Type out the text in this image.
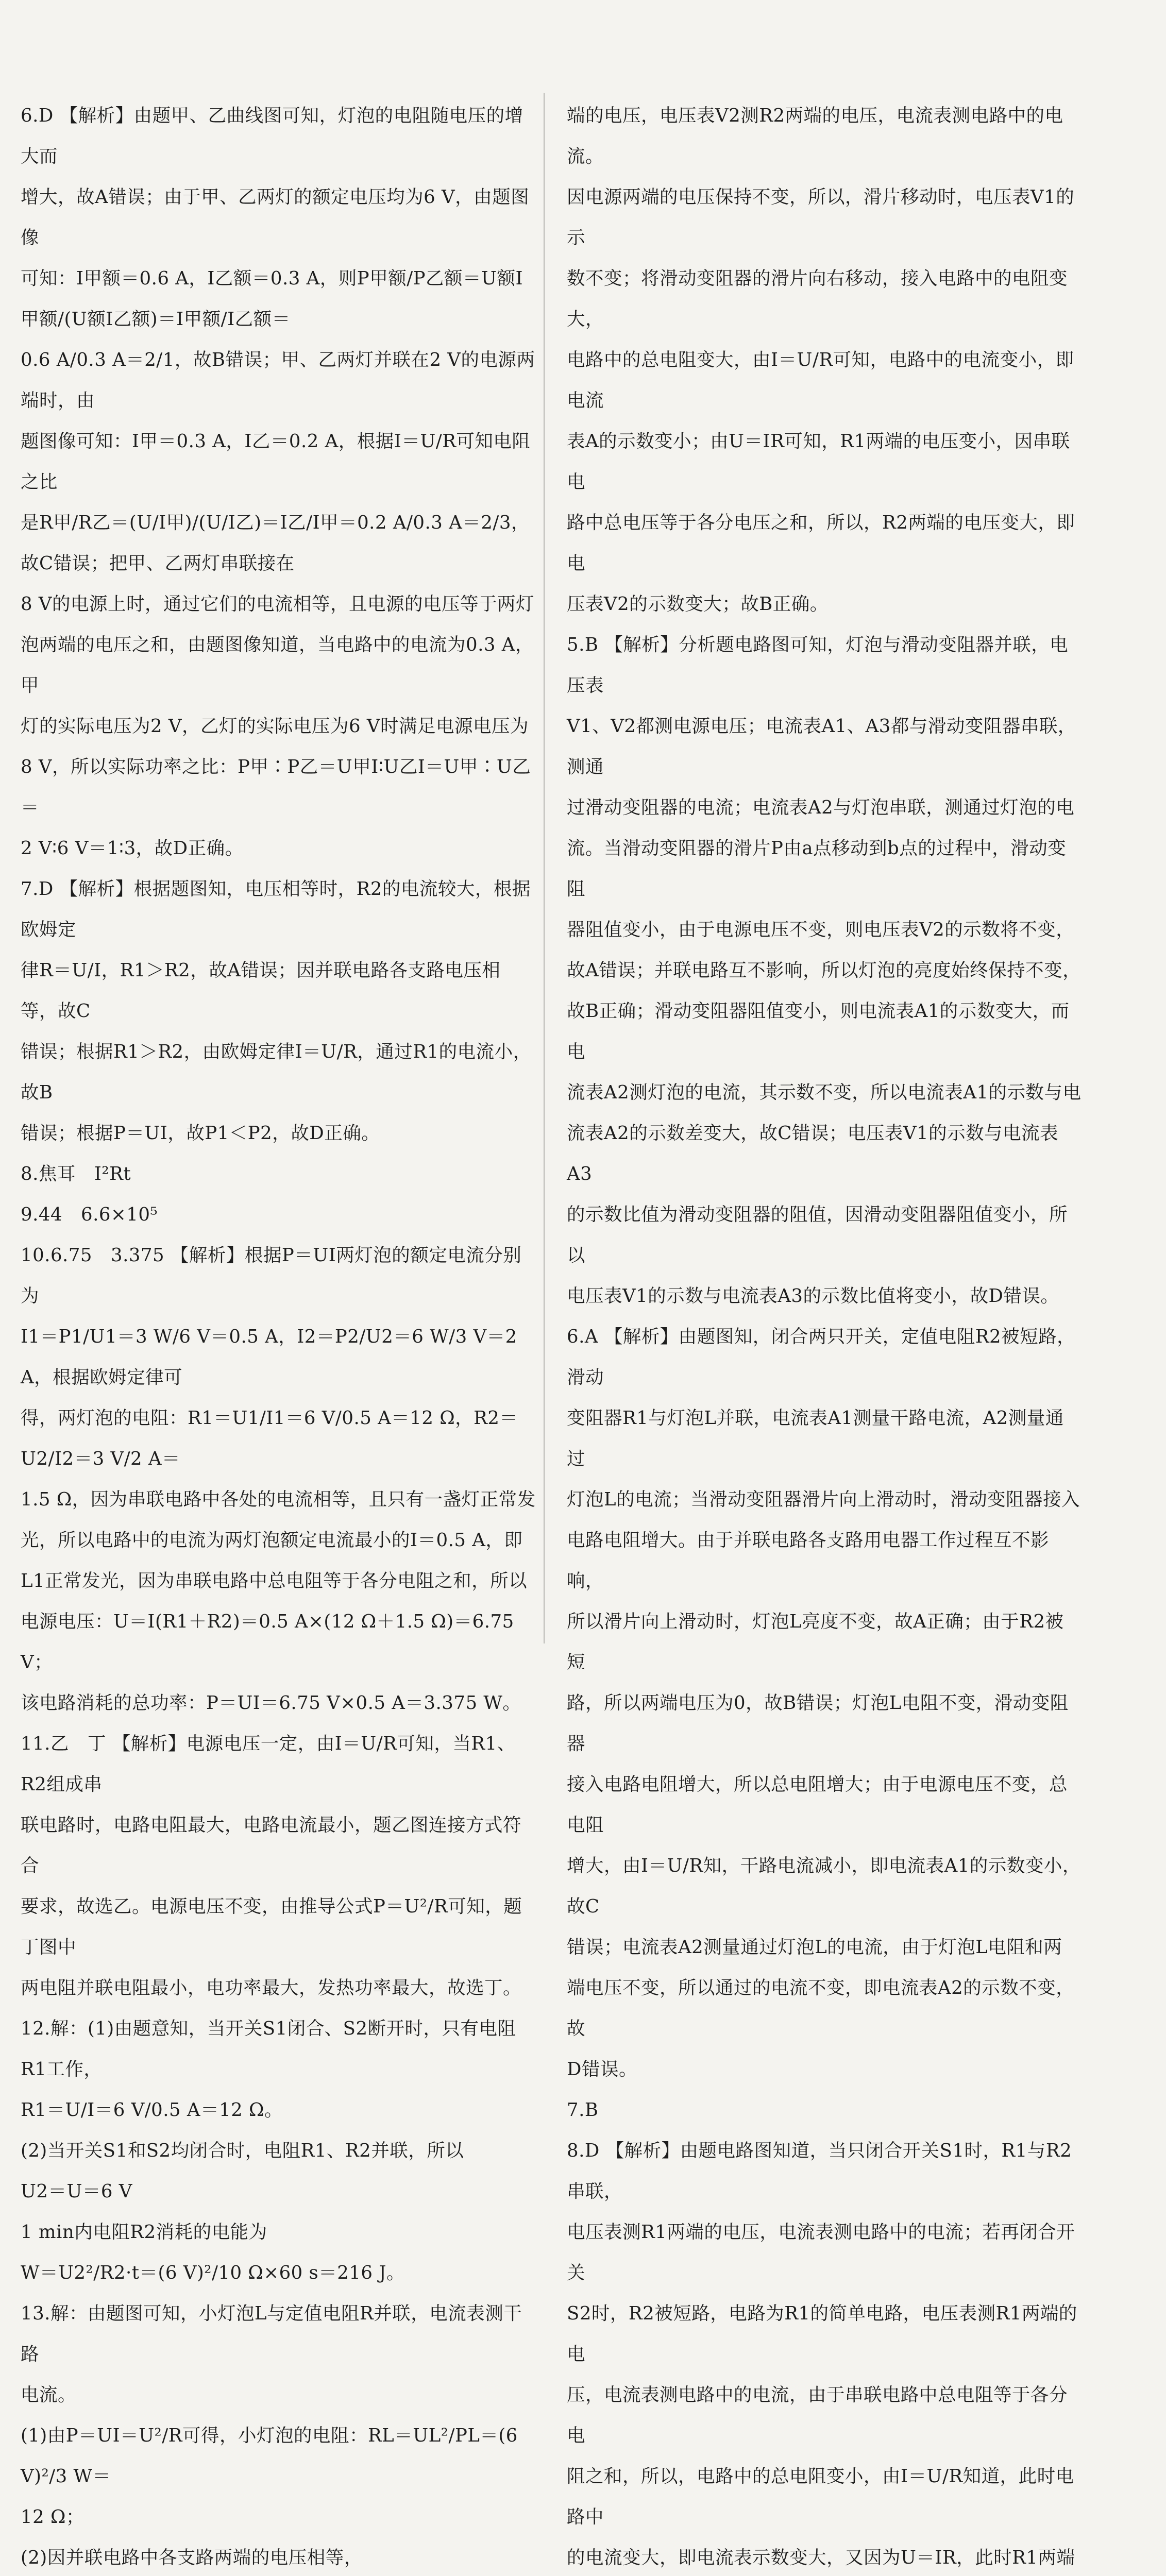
6.D 【解析】由题甲、乙曲线图可知，灯泡的电阻随电压的增大而

增大，故A错误；由于甲、乙两灯的额定电压均为6 V，由题图像

可知：I甲额＝0.6 A，I乙额＝0.3 A，则P甲额/P乙额＝U额I甲额/(U额I乙额)＝I甲额/I乙额＝

0.6 A/0.3 A＝2/1，故B错误；甲、乙两灯并联在2 V的电源两端时，由

题图像可知：I甲＝0.3 A，I乙＝0.2 A，根据I＝U/R可知电阻之比

是R甲/R乙＝(U/I甲)/(U/I乙)＝I乙/I甲＝0.2 A/0.3 A＝2/3，故C错误；把甲、乙两灯串联接在

8 V的电源上时，通过它们的电流相等，且电源的电压等于两灯

泡两端的电压之和，由题图像知道，当电路中的电流为0.3 A，甲

灯的实际电压为2 V，乙灯的实际电压为6 V时满足电源电压为

8 V，所以实际功率之比：P甲∶P乙＝U甲I∶U乙I＝U甲∶U乙＝

2 V∶6 V＝1∶3，故D正确。

7.D 【解析】根据题图知，电压相等时，R2的电流较大，根据欧姆定

律R＝U/I，R1＞R2，故A错误；因并联电路各支路电压相等，故C

错误；根据R1＞R2，由欧姆定律I＝U/R，通过R1的电流小，故B

错误；根据P＝UI，故P1＜P2，故D正确。

8.焦耳　I²Rt

9.44　6.6×10⁵

10.6.75　3.375 【解析】根据P＝UI两灯泡的额定电流分别为

I1＝P1/U1＝3 W/6 V＝0.5 A，I2＝P2/U2＝6 W/3 V＝2 A，根据欧姆定律可

得，两灯泡的电阻：R1＝U1/I1＝6 V/0.5 A＝12 Ω，R2＝U2/I2＝3 V/2 A＝

1.5 Ω，因为串联电路中各处的电流相等，且只有一盏灯正常发

光，所以电路中的电流为两灯泡额定电流最小的I＝0.5 A，即

L1正常发光，因为串联电路中总电阻等于各分电阻之和，所以

电源电压：U＝I(R1＋R2)＝0.5 A×(12 Ω＋1.5 Ω)＝6.75 V；

该电路消耗的总功率：P＝UI＝6.75 V×0.5 A＝3.375 W。

11.乙　丁 【解析】电源电压一定，由I＝U/R可知，当R1、R2组成串

联电路时，电路电阻最大，电路电流最小，题乙图连接方式符合

要求，故选乙。电源电压不变，由推导公式P＝U²/R可知，题丁图中

两电阻并联电阻最小，电功率最大，发热功率最大，故选丁。

12.解：(1)由题意知，当开关S1闭合、S2断开时，只有电阻R1工作，

R1＝U/I＝6 V/0.5 A＝12 Ω。

(2)当开关S1和S2均闭合时，电阻R1、R2并联，所以

U2＝U＝6 V

1 min内电阻R2消耗的电能为

W＝U2²/R2·t＝(6 V)²/10 Ω×60 s＝216 J。

13.解：由题图可知，小灯泡L与定值电阻R并联，电流表测干路

电流。

(1)由P＝UI＝U²/R可得，小灯泡的电阻：RL＝UL²/PL＝(6 V)²/3 W＝

12 Ω；

(2)因并联电路中各支路两端的电压相等，

端的电压，电压表V2测R2两端的电压，电流表测电路中的电流。

因电源两端的电压保持不变，所以，滑片移动时，电压表V1的示

数不变；将滑动变阻器的滑片向右移动，接入电路中的电阻变大，

电路中的总电阻变大，由I＝U/R可知，电路中的电流变小，即电流

表A的示数变小；由U＝IR可知，R1两端的电压变小，因串联电

路中总电压等于各分电压之和，所以，R2两端的电压变大，即电

压表V2的示数变大；故B正确。

5.B 【解析】分析题电路图可知，灯泡与滑动变阻器并联，电压表

V1、V2都测电源电压；电流表A1、A3都与滑动变阻器串联，测通

过滑动变阻器的电流；电流表A2与灯泡串联，测通过灯泡的电

流。当滑动变阻器的滑片P由a点移动到b点的过程中，滑动变阻

器阻值变小，由于电源电压不变，则电压表V2的示数将不变，

故A错误；并联电路互不影响，所以灯泡的亮度始终保持不变，

故B正确；滑动变阻器阻值变小，则电流表A1的示数变大，而电

流表A2测灯泡的电流，其示数不变，所以电流表A1的示数与电

流表A2的示数差变大，故C错误；电压表V1的示数与电流表A3

的示数比值为滑动变阻器的阻值，因滑动变阻器阻值变小，所以

电压表V1的示数与电流表A3的示数比值将变小，故D错误。

6.A 【解析】由题图知，闭合两只开关，定值电阻R2被短路，滑动

变阻器R1与灯泡L并联，电流表A1测量干路电流，A2测量通过

灯泡L的电流；当滑动变阻器滑片向上滑动时，滑动变阻器接入

电路电阻增大。由于并联电路各支路用电器工作过程互不影响，

所以滑片向上滑动时，灯泡L亮度不变，故A正确；由于R2被短

路，所以两端电压为0，故B错误；灯泡L电阻不变，滑动变阻器

接入电路电阻增大，所以总电阻增大；由于电源电压不变，总电阻

增大，由I＝U/R知，干路电流减小，即电流表A1的示数变小，故C

错误；电流表A2测量通过灯泡L的电流，由于灯泡L电阻和两

端电压不变，所以通过的电流不变，即电流表A2的示数不变，故

D错误。

7.B

8.D 【解析】由题电路图知道，当只闭合开关S1时，R1与R2串联，

电压表测R1两端的电压，电流表测电路中的电流；若再闭合开关

S2时，R2被短路，电路为R1的简单电路，电压表测R1两端的电

压，电流表测电路中的电流，由于串联电路中总电阻等于各分电

阻之和，所以，电路中的总电阻变小，由I＝U/R知道，此时电路中

的电流变大，即电流表示数变大，又因为U＝IR，此时R1两端
